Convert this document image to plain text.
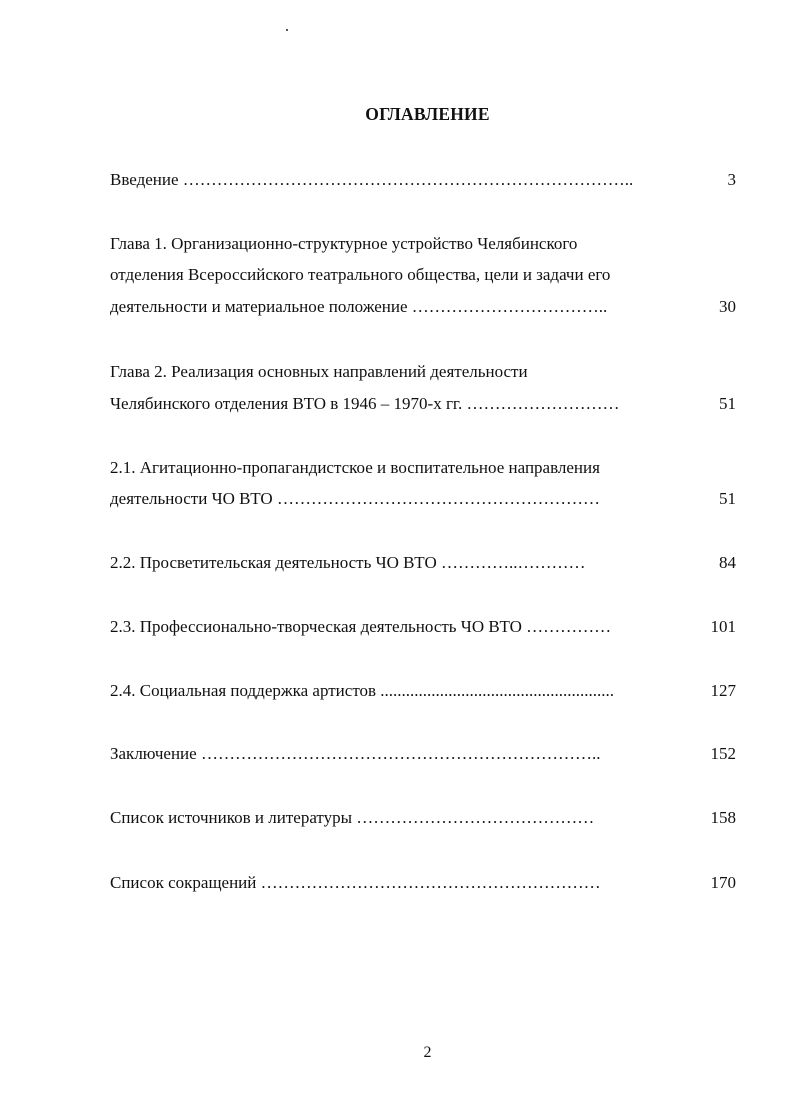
ОГЛАВЛЕНИЕ
Введение ……………………………………………………………………..	3
Глава 1. Организационно-структурное устройство Челябинского
отделения Всероссийского театрального общества, цели и задачи его
деятельности и материальное положение ……………………………..	30
Глава 2. Реализация основных направлений деятельности
Челябинского отделения ВТО в 1946 – 1970-х гг. ………………………	51
2.1. Агитационно-пропагандистское и воспитательное направления
деятельности ЧО ВТО …………………………………………………	51
2.2. Просветительская деятельность ЧО ВТО …………..…………	84
2.3. Профессионально-творческая деятельность ЧО ВТО ……………	101
2.4. Социальная поддержка артистов .......................................................	127
Заключение ……………………………………………………………..	152
Список источников и литературы ……………………………………	158
Список сокращений ……………………………………………………	170
2
